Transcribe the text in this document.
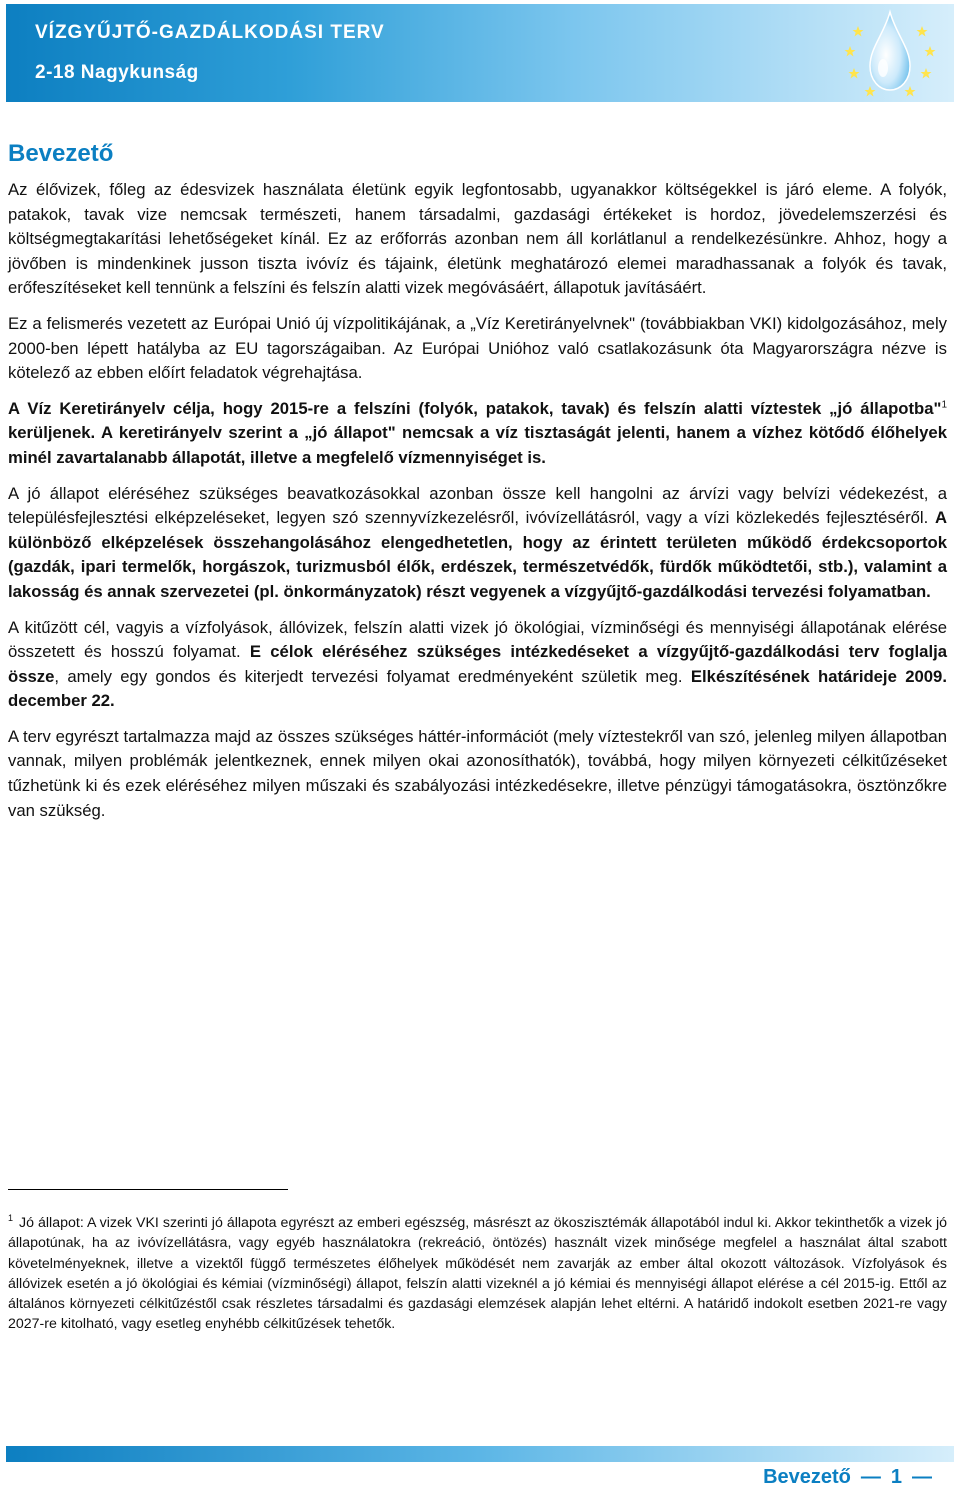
VÍZGYŰJTŐ-GAZDÁLKODÁSI TERV
2-18 Nagykunság
Bevezető

Az élővizek, főleg az édesvizek használata életünk egyik legfontosabb, ugyanakkor költségekkel is járó eleme. A folyók, patakok, tavak vize nemcsak természeti, hanem társadalmi, gazdasági értékeket is hordoz, jövedelemszerzési és költségmegtakarítási lehetőségeket kínál. Ez az erőforrás azonban nem áll korlátlanul a rendelkezésünkre. Ahhoz, hogy a jövőben is mindenkinek jusson tiszta ivóvíz és tájaink, életünk meghatározó elemei maradhassanak a folyók és tavak, erőfeszítéseket kell tennünk a felszíni és felszín alatti vizek megóvásáért, állapotuk javításáért.

Ez a felismerés vezetett az Európai Unió új vízpolitikájának, a „Víz Keretirányelvnek" (továbbiakban VKI) kidolgozásához, mely 2000-ben lépett hatályba az EU tagországaiban. Az Európai Unióhoz való csatlakozásunk óta Magyarországra nézve is kötelező az ebben előírt feladatok végrehajtása.

A Víz Keretirányelv célja, hogy 2015-re a felszíni (folyók, patakok, tavak) és felszín alatti víztestek „jó állapotba"$^1$ kerüljenek. A keretirányelv szerint a „jó állapot" nemcsak a víz tisztaságát jelenti, hanem a vízhez kötődő élőhelyek minél zavartalanabb állapotát, illetve a megfelelő vízmennyiséget is.

A jó állapot eléréséhez szükséges beavatkozásokkal azonban össze kell hangolni az árvízi vagy belvízi védekezést, a településfejlesztési elképzeléseket, legyen szó szennyvízkezelésről, ivóvízellátásról, vagy a vízi közlekedés fejlesztéséről. A különböző elképzelések összehangolásához elengedhetetlen, hogy az érintett területen működő érdekcsoportok (gazdák, ipari termelők, horgászok, turizmusból élők, erdészek, természetvédők, fürdők működtetői, stb.), valamint a lakosság és annak szervezetei (pl. önkormányzatok) részt vegyenek a vízgyűjtő-gazdálkodási tervezési folyamatban.

A kitűzött cél, vagyis a vízfolyások, állóvizek, felszín alatti vizek jó ökológiai, vízminőségi és mennyiségi állapotának elérése összetett és hosszú folyamat. E célok eléréséhez szükséges intézkedéseket a vízgyűjtő-gazdálkodási terv foglalja össze, amely egy gondos és kiterjedt tervezési folyamat eredményeként születik meg. Elkészítésének határideje 2009. december 22.

A terv egyrészt tartalmazza majd az összes szükséges háttér-információt (mely víztestekről van szó, jelenleg milyen állapotban vannak, milyen problémák jelentkeznek, ennek milyen okai azonosíthatók), továbbá, hogy milyen környezeti célkitűzéseket tűzhetünk ki és ezek eléréséhez milyen műszaki és szabályozási intézkedésekre, illetve pénzügyi támogatásokra, ösztönzőkre van szükség.

$^1$ Jó állapot: A vizek VKI szerinti jó állapota egyrészt az emberi egészség, másrészt az ökoszisztémák állapotából indul ki. Akkor tekinthetők a vizek jó állapotúnak, ha az ivóvízellátásra, vagy egyéb használatokra (rekreáció, öntözés) használt vizek minősége megfelel a használat által szabott követelményeknek, illetve a vizektől függő természetes élőhelyek működését nem zavarják az ember által okozott változások. Vízfolyások és állóvizek esetén a jó ökológiai és kémiai (vízminőségi) állapot, felszín alatti vizeknél a jó kémiai és mennyiségi állapot elérése a cél 2015-ig. Ettől az általános környezeti célkitűzéstől csak részletes társadalmi és gazdasági elemzések alapján lehet eltérni. A határidő indokolt esetben 2021-re vagy 2027-re kitolható, vagy esetleg enyhébb célkitűzések tehetők.

Bevezető — 1 —
